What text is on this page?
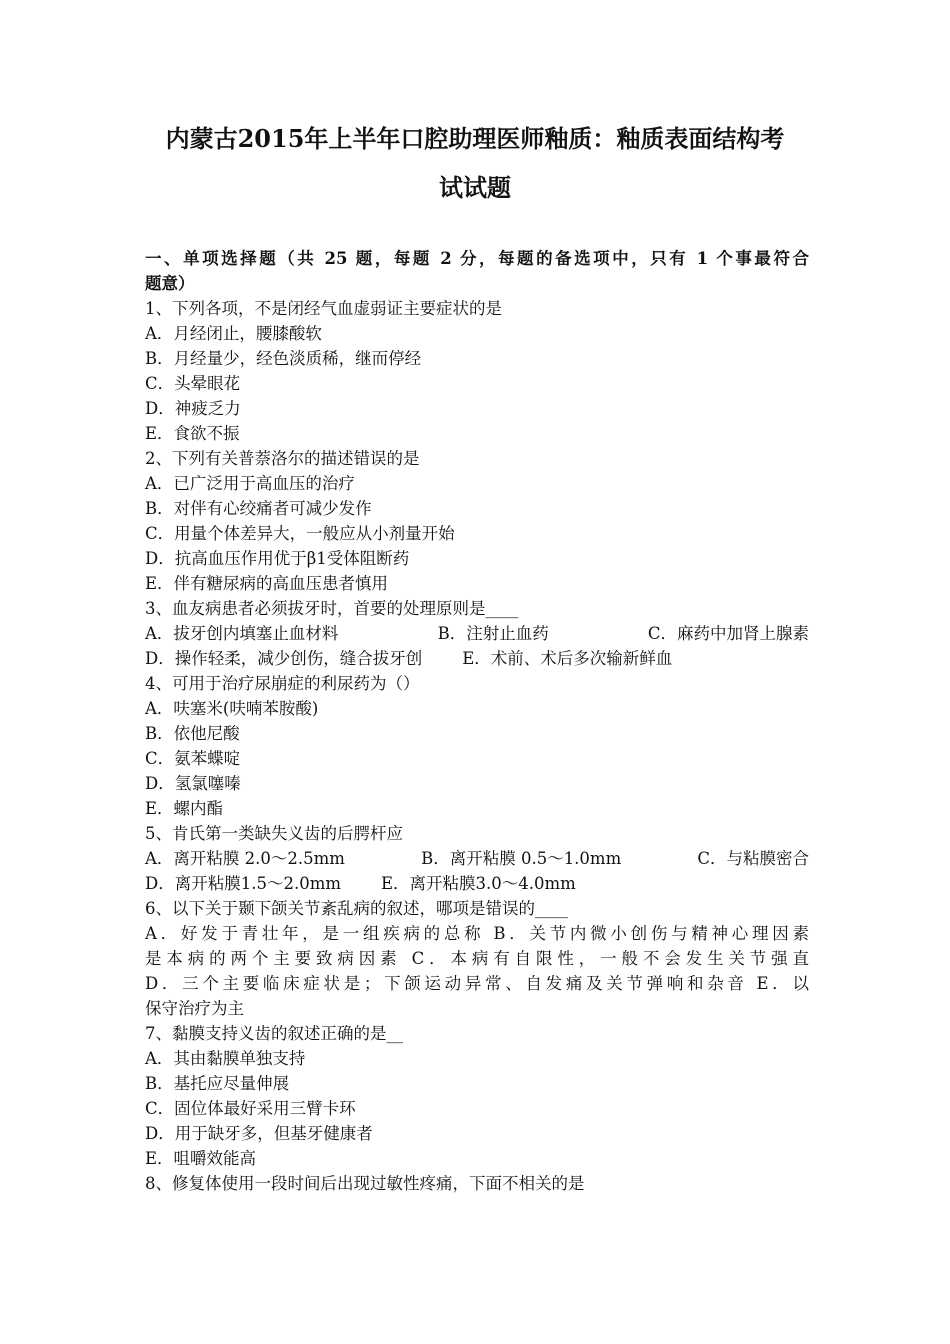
内蒙古2015年上半年口腔助理医师釉质：釉质表面结构考
试试题
一、单项选择题（共 25 题，每题 2 分，每题的备选项中，只有 1 个事最符合
题意）
1、下列各项，不是闭经气血虚弱证主要症状的是
A．月经闭止，腰膝酸软
B．月经量少，经色淡质稀，继而停经
C．头晕眼花
D．神疲乏力
E．食欲不振
2、下列有关普萘洛尔的描述错误的是
A．已广泛用于高血压的治疗
B．对伴有心绞痛者可减少发作
C．用量个体差异大，一般应从小剂量开始
D．抗高血压作用优于β1受体阻断药
E．伴有糖尿病的高血压患者慎用
3、血友病患者必须拔牙时，首要的处理原则是____
A．拔牙创内填塞止血材料	B．注射止血药	C．麻药中加肾上腺素
D．操作轻柔，减少创伤，缝合拔牙创 E．术前、术后多次输新鲜血
4、可用于治疗尿崩症的利尿药为（）
A．呋塞米(呋喃苯胺酸)
B．依他尼酸
C．氨苯蝶啶
D．氢氯噻嗪
E．螺内酯
5、肯氏第一类缺失义齿的后腭杆应
A．离开粘膜 2.0～2.5mm	B．离开粘膜 0.5～1.0mm	C．与粘膜密合
D．离开粘膜1.5～2.0mm E．离开粘膜3.0～4.0mm
6、以下关于颞下颌关节紊乱病的叙述，哪项是错误的____
A．好发于青壮年，是一组疾病的总称 B．关节内微小创伤与精神心理因素
是本病的两个主要致病因素 C．本病有自限性，一般不会发生关节强直
D．三个主要临床症状是；下颌运动异常、自发痛及关节弹响和杂音 E．以
保守治疗为主
7、黏膜支持义齿的叙述正确的是__
A．其由黏膜单独支持
B．基托应尽量伸展
C．固位体最好采用三臂卡环
D．用于缺牙多，但基牙健康者
E．咀嚼效能高
8、修复体使用一段时间后出现过敏性疼痛，下面不相关的是
